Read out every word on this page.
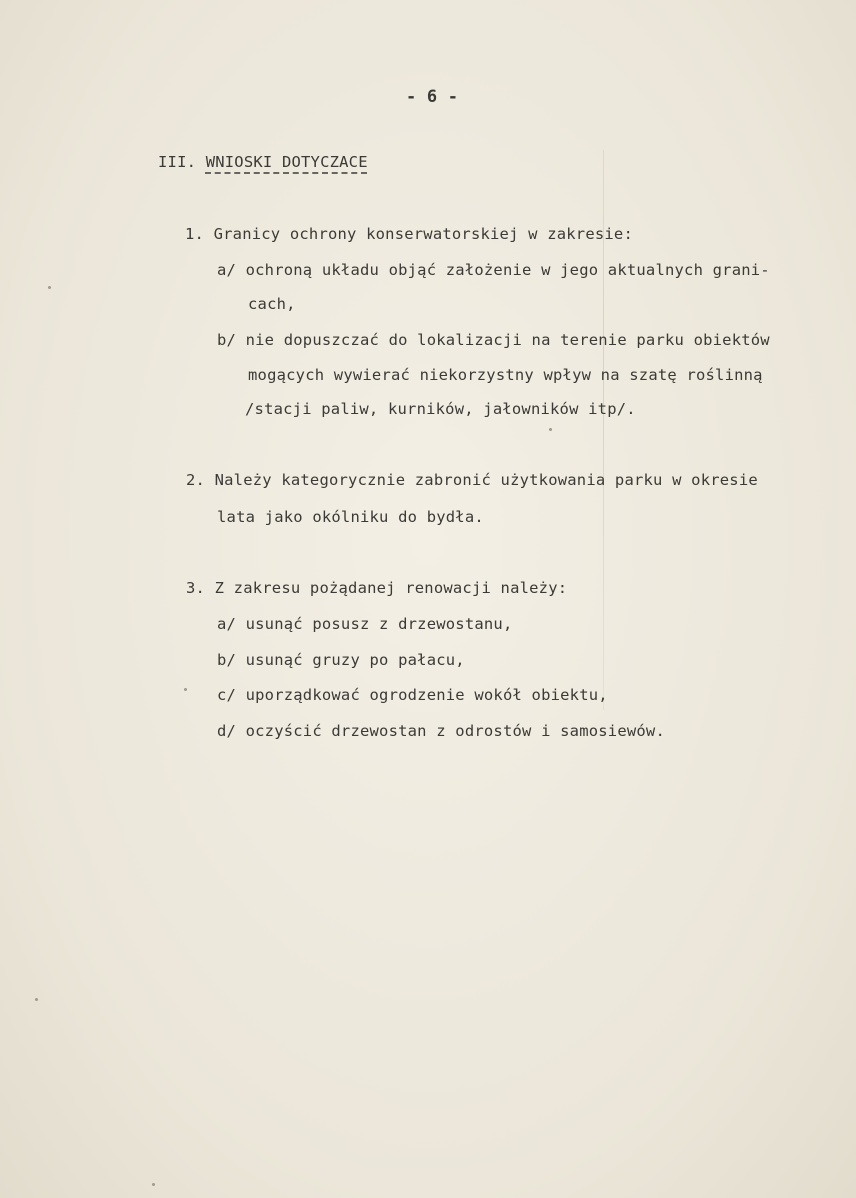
- 6 -
III. WNIOSKI DOTYCZACE
1. Granicy ochrony konserwatorskiej w zakresie:
a/ ochroną układu objąć założenie w jego aktualnych grani-
cach,
b/ nie dopuszczać do lokalizacji na terenie parku obiektów
mogących wywierać niekorzystny wpływ na szatę roślinną
/stacji paliw, kurników, jałowników itp/.
2. Należy kategorycznie zabronić użytkowania parku w okresie
lata jako okólniku do bydła.
3. Z zakresu pożądanej renowacji należy:
a/ usunąć posusz z drzewostanu,
b/ usunąć gruzy po pałacu,
c/ uporządkować ogrodzenie wokół obiektu,
d/ oczyścić drzewostan z odrostów i samosiewów.
